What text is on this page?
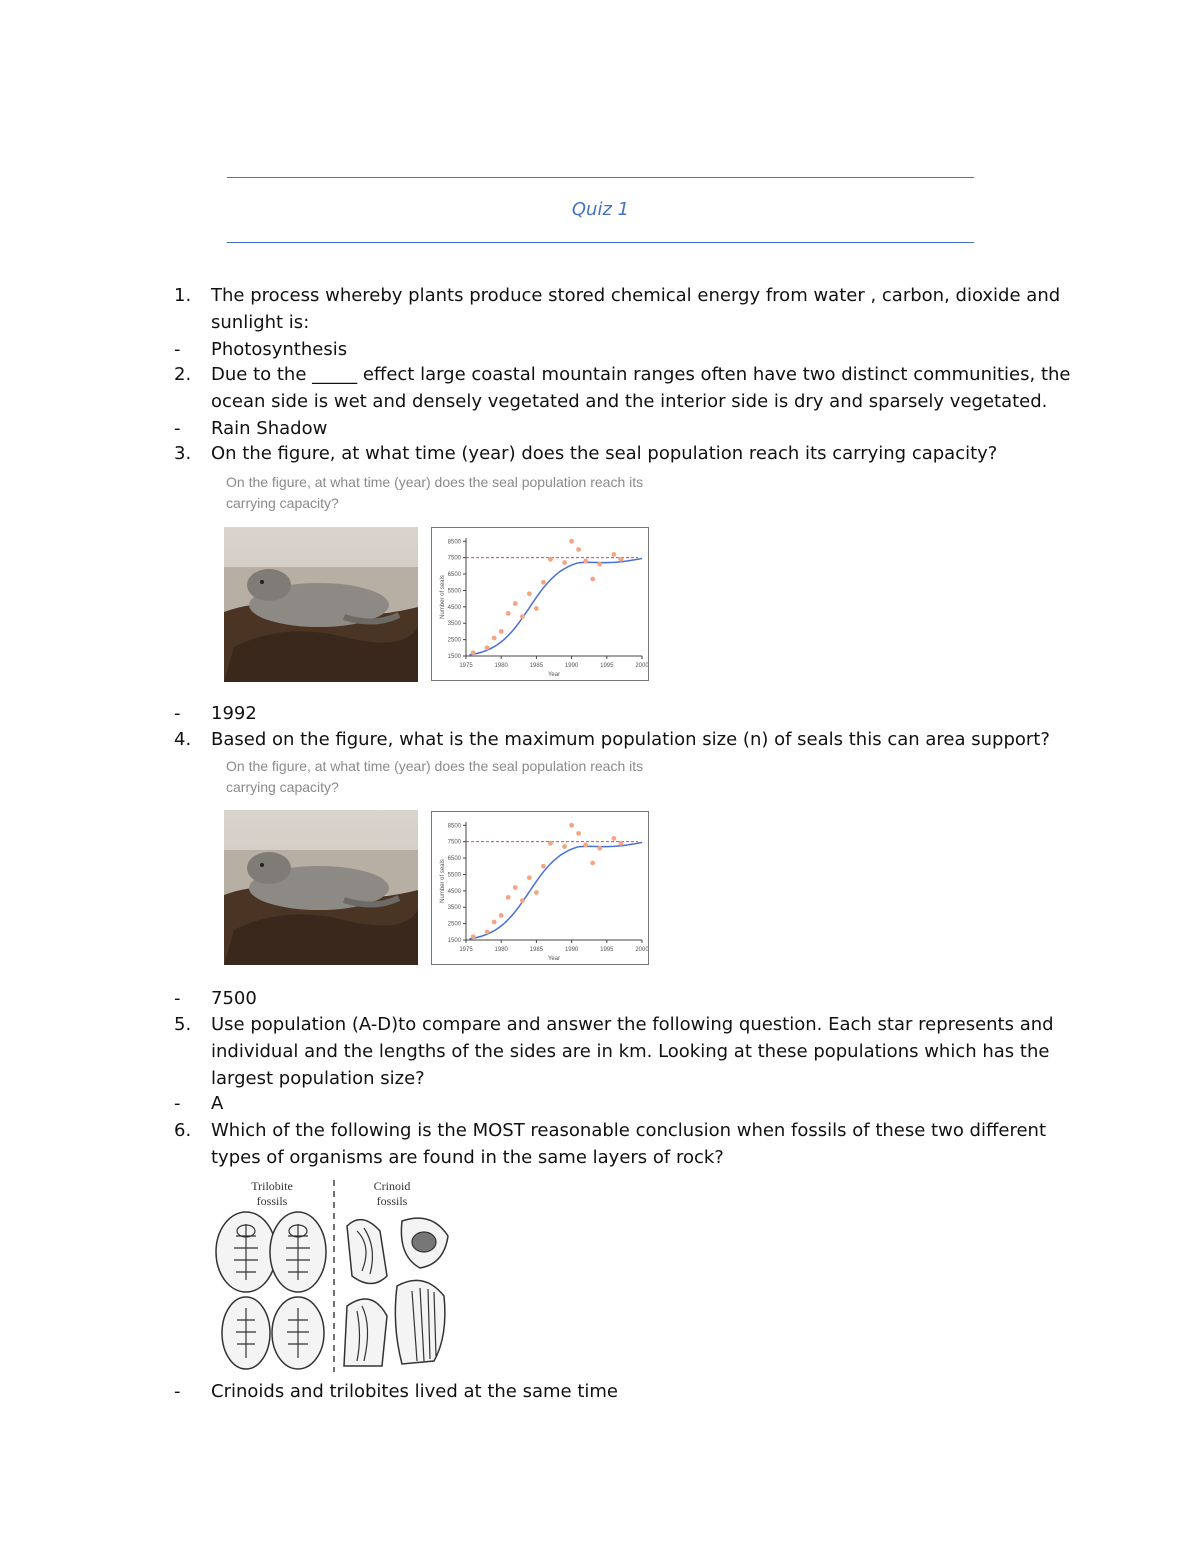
Quiz 1
1. The process whereby plants produce stored chemical energy from water , carbon, dioxide and
sunlight is:
- Photosynthesis
2. Due to the _____ effect large coastal mountain ranges often have two distinct communities, the
ocean side is wet and densely vegetated and the interior side is dry and sparsely vegetated.
- Rain Shadow
3. On the figure, at what time (year) does the seal population reach its carrying capacity?
On the figure, at what time (year) does the seal population reach its
carrying capacity?
1975	1980	1985	1990	1995	2000
1500
2500
3500
4500
5500
6500
7500
8500
Year
Number of seals
- 1992
4. Based on the figure, what is the maximum population size (n) of seals this can area support?
On the figure, at what time (year) does the seal population reach its
carrying capacity?
1975	1980	1985	1990	1995	2000
1500
2500
3500
4500
5500
6500
7500
8500
Year
Number of seals
- 7500
5. Use population (A-D)to compare and answer the following question. Each star represents and
individual and the lengths of the sides are in km. Looking at these populations which has the
largest population size?
- A
6. Which of the following is the MOST reasonable conclusion when fossils of these two different
types of organisms are found in the same layers of rock?
Trilobite
fossils
Crinoid
fossils
- Crinoids and trilobites lived at the same time
